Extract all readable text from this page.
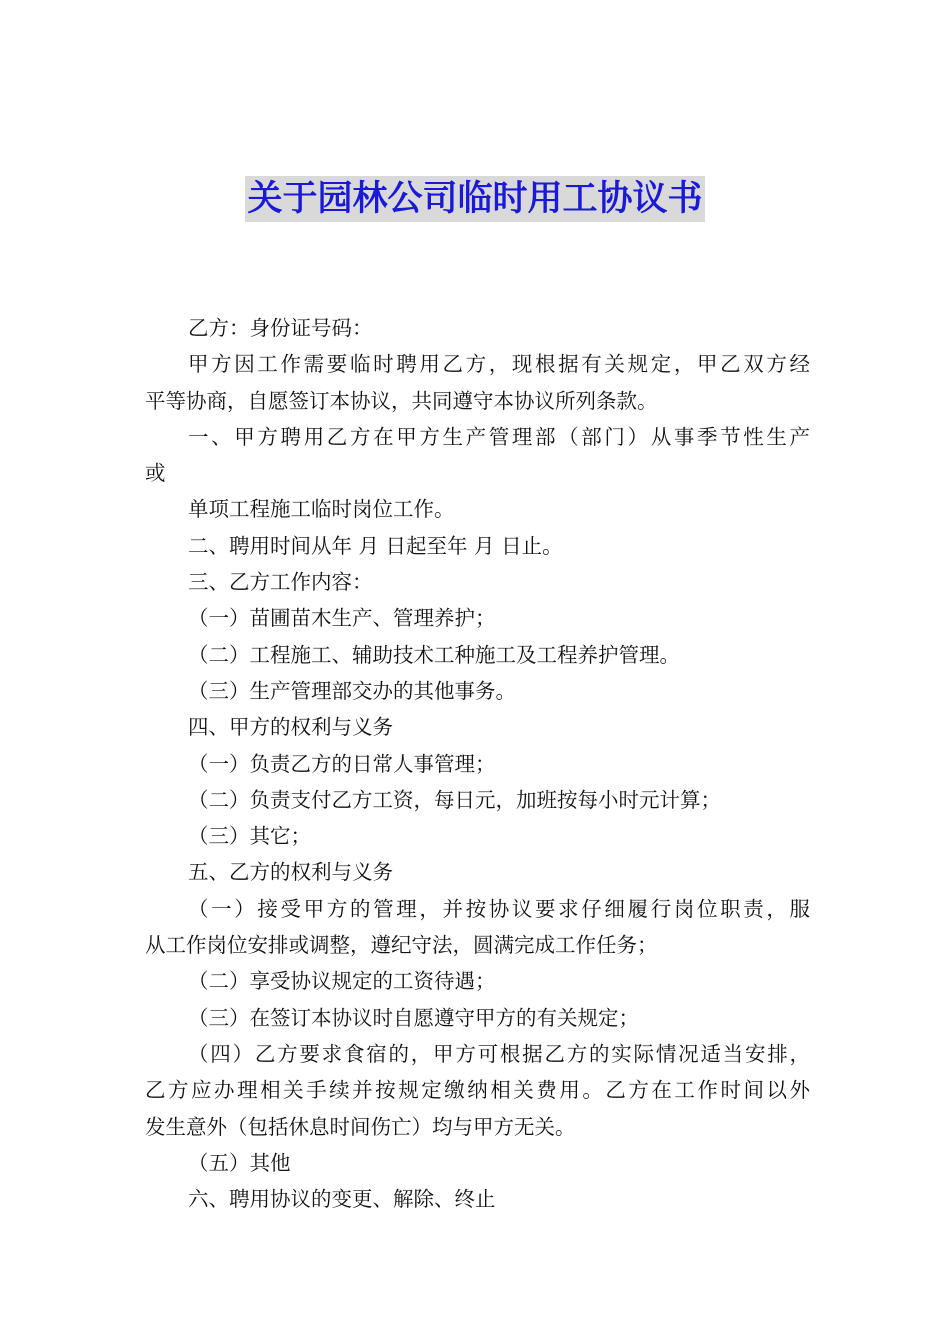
关于园林公司临时用工协议书
乙方：身份证号码：
甲方因工作需要临时聘用乙方，现根据有关规定，甲乙双方经
平等协商，自愿签订本协议，共同遵守本协议所列条款。
一、甲方聘用乙方在甲方生产管理部（部门）从事季节性生产
或
单项工程施工临时岗位工作。
二、聘用时间从年 月 日起至年 月 日止。
三、乙方工作内容：
（一）苗圃苗木生产、管理养护；
（二）工程施工、辅助技术工种施工及工程养护管理。
（三）生产管理部交办的其他事务。
四、甲方的权利与义务
（一）负责乙方的日常人事管理；
（二）负责支付乙方工资，每日元，加班按每小时元计算；
（三）其它；
五、乙方的权利与义务
（一）接受甲方的管理，并按协议要求仔细履行岗位职责，服
从工作岗位安排或调整，遵纪守法，圆满完成工作任务；
（二）享受协议规定的工资待遇；
（三）在签订本协议时自愿遵守甲方的有关规定；
（四）乙方要求食宿的，甲方可根据乙方的实际情况适当安排，
乙方应办理相关手续并按规定缴纳相关费用。乙方在工作时间以外
发生意外（包括休息时间伤亡）均与甲方无关。
（五）其他
六、聘用协议的变更、解除、终止
